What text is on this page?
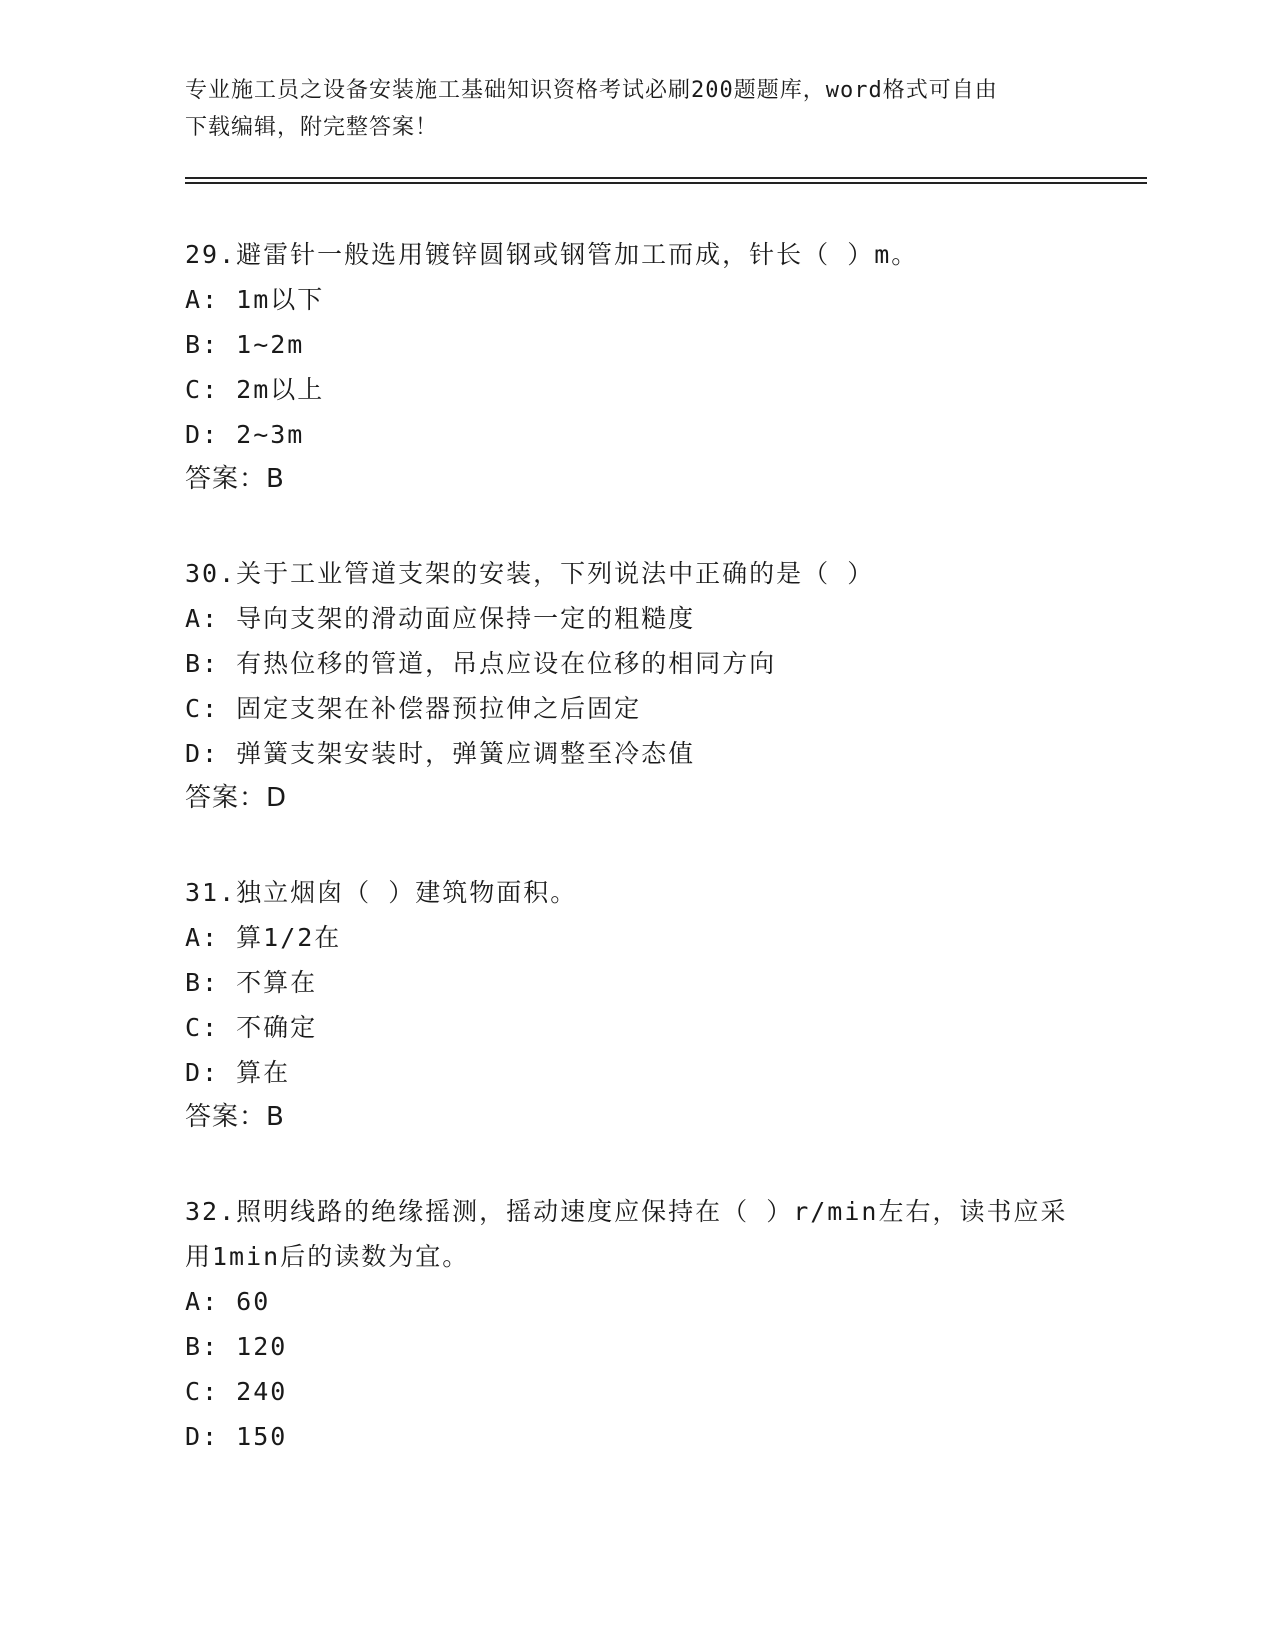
专业施工员之设备安装施工基础知识资格考试必刷200题题库，word格式可自由
下载编辑，附完整答案！
29.避雷针一般选用镀锌圆钢或钢管加工而成，针长（ ）m。
A: 1m以下
B: 1~2m
C: 2m以上
D: 2~3m
答案：B
30.关于工业管道支架的安装，下列说法中正确的是（ ）
A: 导向支架的滑动面应保持一定的粗糙度
B: 有热位移的管道，吊点应设在位移的相同方向
C: 固定支架在补偿器预拉伸之后固定
D: 弹簧支架安装时，弹簧应调整至冷态值
答案：D
31.独立烟囱（ ）建筑物面积。
A: 算1/2在
B: 不算在
C: 不确定
D: 算在
答案：B
32.照明线路的绝缘摇测，摇动速度应保持在（ ）r/min左右，读书应采用1min后的读数为宜。
A: 60
B: 120
C: 240
D: 150
